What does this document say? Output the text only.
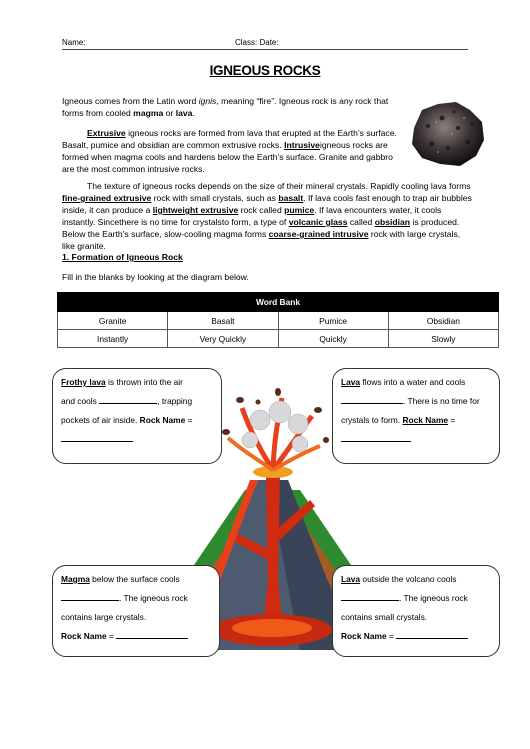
Name:	Class: Date:
IGNEOUS ROCKS

Igneous comes from the Latin word ignis, meaning “fire”. Igneous rock is any rock that forms from cooled magma or lava.

Extrusive igneous rocks are formed from lava that erupted at the Earth’s surface. Basalt, pumice and obsidian are common extrusive rocks. Intrusiveigneous rocks are formed when magma cools and hardens below the Earth’s surface. Granite and gabbro are the most common intrusive rocks.

The texture of igneous rocks depends on the size of their mineral crystals. Rapidly cooling lava forms fine-grained extrusive rock with small crystals, such as basalt. If lava cools fast enough to trap air bubbles inside, it can produce a lightweight extrusive rock called pumice. If lava encounters water, it cools instantly. Sincethere is no time for crystalsto form, a type of volcanic glass called obsidian is produced. Below the Earth’s surface, slow-cooling magma forms coarse-grained intrusive rock with large crystals, like granite.

1. Formation of Igneous Rock
Fill in the blanks by looking at the diagram below.
Word Bank			
Granite	Basalt	Pumice	Obsidian
Instantly	Very Quickly	Quickly	Slowly
Frothy lava is thrown into the air
and cools	, trapping
pockets of air inside. Rock Name =
Lava flows into a water and cools
. There is no time for
crystals to form. Rock Name =
Magma below the surface cools
. The igneous rock
contains large crystals.
Rock Name =
Lava outside the volcano cools
. The igneous rock
contains small crystals.
Rock Name =
